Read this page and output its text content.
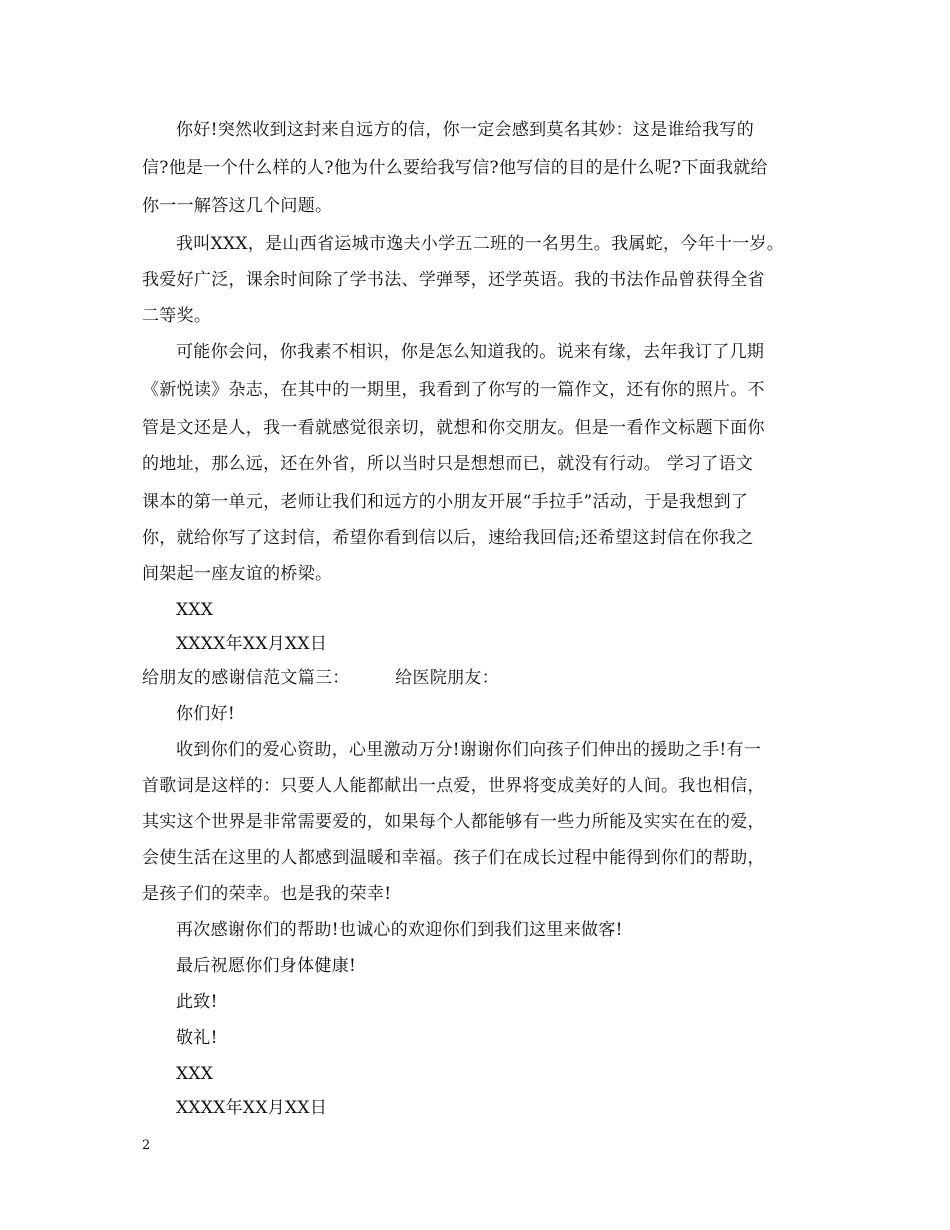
你好!突然收到这封来自远方的信，你一定会感到莫名其妙：这是谁给我写的
信?他是一个什么样的人?他为什么要给我写信?他写信的目的是什么呢?下面我就给
你一一解答这几个问题。
我叫XXX，是山西省运城市逸夫小学五二班的一名男生。我属蛇，今年十一岁。
我爱好广泛，课余时间除了学书法、学弹琴，还学英语。我的书法作品曾获得全省
二等奖。
可能你会问，你我素不相识，你是怎么知道我的。说来有缘，去年我订了几期
《新悦读》杂志，在其中的一期里，我看到了你写的一篇作文，还有你的照片。不
管是文还是人，我一看就感觉很亲切，就想和你交朋友。但是一看作文标题下面你
的地址，那么远，还在外省，所以当时只是想想而已，就没有行动。 学习了语文
课本的第一单元，老师让我们和远方的小朋友开展“手拉手”活动，于是我想到了
你，就给你写了这封信，希望你看到信以后，速给我回信;还希望这封信在你我之
间架起一座友谊的桥梁。
XXX
XXXX年XX月XX日
给朋友的感谢信范文篇三：        给医院朋友：
你们好!
收到你们的爱心资助，心里激动万分!谢谢你们向孩子们伸出的援助之手!有一
首歌词是这样的：只要人人能都献出一点爱，世界将变成美好的人间。我也相信，
其实这个世界是非常需要爱的，如果每个人都能够有一些力所能及实实在在的爱，
会使生活在这里的人都感到温暖和幸福。孩子们在成长过程中能得到你们的帮助，
是孩子们的荣幸。也是我的荣幸!
再次感谢你们的帮助!也诚心的欢迎你们到我们这里来做客!
最后祝愿你们身体健康!
此致!
敬礼!
XXX
XXXX年XX月XX日
2
